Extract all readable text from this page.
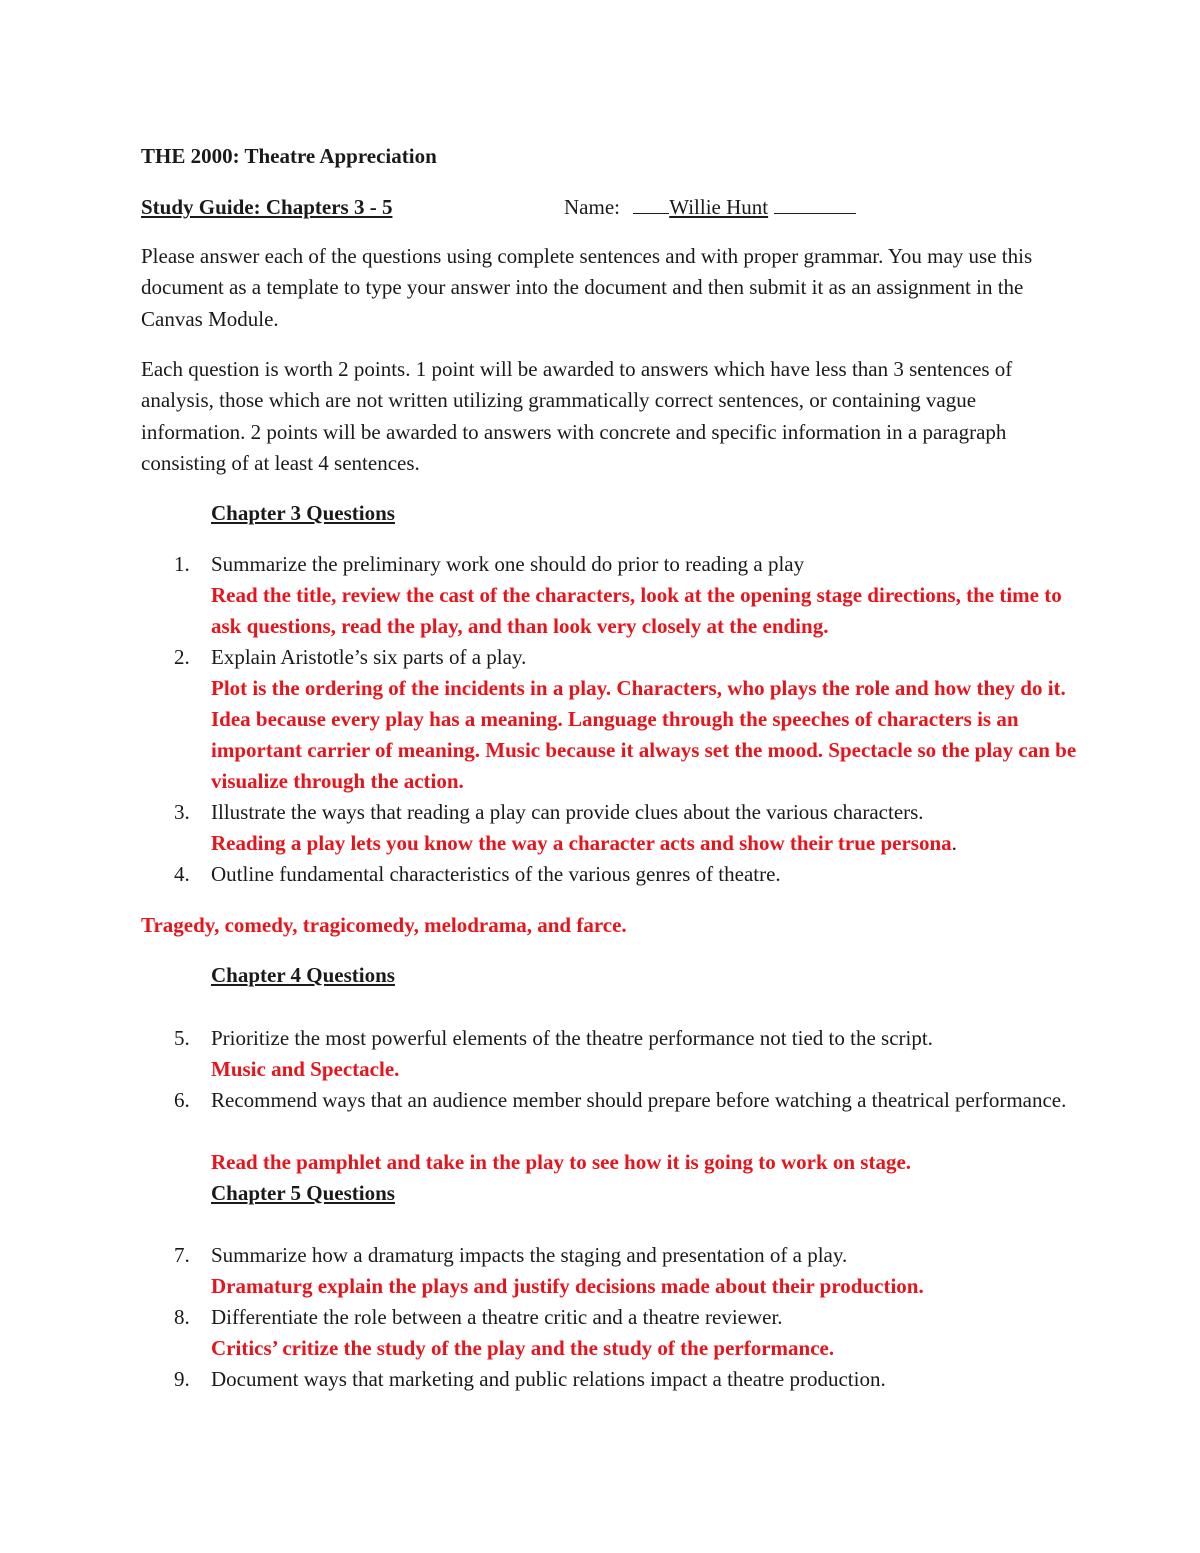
THE 2000: Theatre Appreciation

Study Guide: Chapters 3 - 5	Name: Willie Hunt

Please answer each of the questions using complete sentences and with proper grammar. You may use this document as a template to type your answer into the document and then submit it as an assignment in the Canvas Module.

Each question is worth 2 points. 1 point will be awarded to answers which have less than 3 sentences of analysis, those which are not written utilizing grammatically correct sentences, or containing vague information. 2 points will be awarded to answers with concrete and specific information in a paragraph consisting of at least 4 sentences.

Chapter 3 Questions

1. Summarize the preliminary work one should do prior to reading a play

Read the title, review the cast of the characters, look at the opening stage directions, the time to ask questions, read the play, and than look very closely at the ending.

2. Explain Aristotle’s six parts of a play.

Plot is the ordering of the incidents in a play. Characters, who plays the role and how they do it. Idea because every play has a meaning. Language through the speeches of characters is an important carrier of meaning. Music because it always set the mood. Spectacle so the play can be visualize through the action.

3. Illustrate the ways that reading a play can provide clues about the various characters.

Reading a play lets you know the way a character acts and show their true persona.

4. Outline fundamental characteristics of the various genres of theatre.

Tragedy, comedy, tragicomedy, melodrama, and farce.

Chapter 4 Questions

5. Prioritize the most powerful elements of the theatre performance not tied to the script.

Music and Spectacle.

6. Recommend ways that an audience member should prepare before watching a theatrical performance.

Read the pamphlet and take in the play to see how it is going to work on stage.

Chapter 5 Questions

7. Summarize how a dramaturg impacts the staging and presentation of a play.

Dramaturg explain the plays and justify decisions made about their production.

8. Differentiate the role between a theatre critic and a theatre reviewer.

Critics’ critize the study of the play and the study of the performance.

9. Document ways that marketing and public relations impact a theatre production.
